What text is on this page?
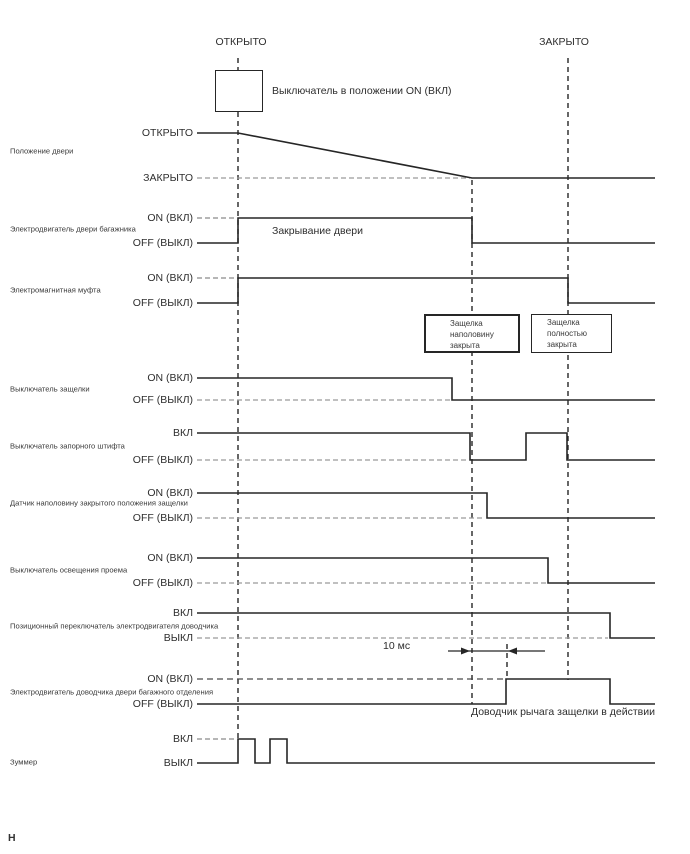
ОТКРЫТО	ЗАКРЫТО
Выключатель в положении ON (ВКЛ)
Положение двери
Электродвигатель двери багажника
Электромагнитная муфта
Выключатель защелки
Выключатель запорного штифта
Датчик наполовину закрытого положения защелки
Выключатель освещения проема
Позиционный переключатель электродвигателя доводчика
Электродвигатель доводчика двери багажного отделения
Зуммер
ОТКРЫТО
ЗАКРЫТО
ON (ВКЛ)
OFF (ВЫКЛ)
ON (ВКЛ)
OFF (ВЫКЛ)
ON (ВКЛ)
OFF (ВЫКЛ)
ВКЛ
OFF (ВЫКЛ)
ON (ВКЛ)
OFF (ВЫКЛ)
ON (ВКЛ)
OFF (ВЫКЛ)
ВКЛ
ВЫКЛ
ON (ВКЛ)
OFF (ВЫКЛ)
ВКЛ
ВЫКЛ
Закрывание двери
10 мс
Доводчик рычага защелки в действии
Защелка
наполовину
закрыта
Защелка
полностью
закрыта
Н
